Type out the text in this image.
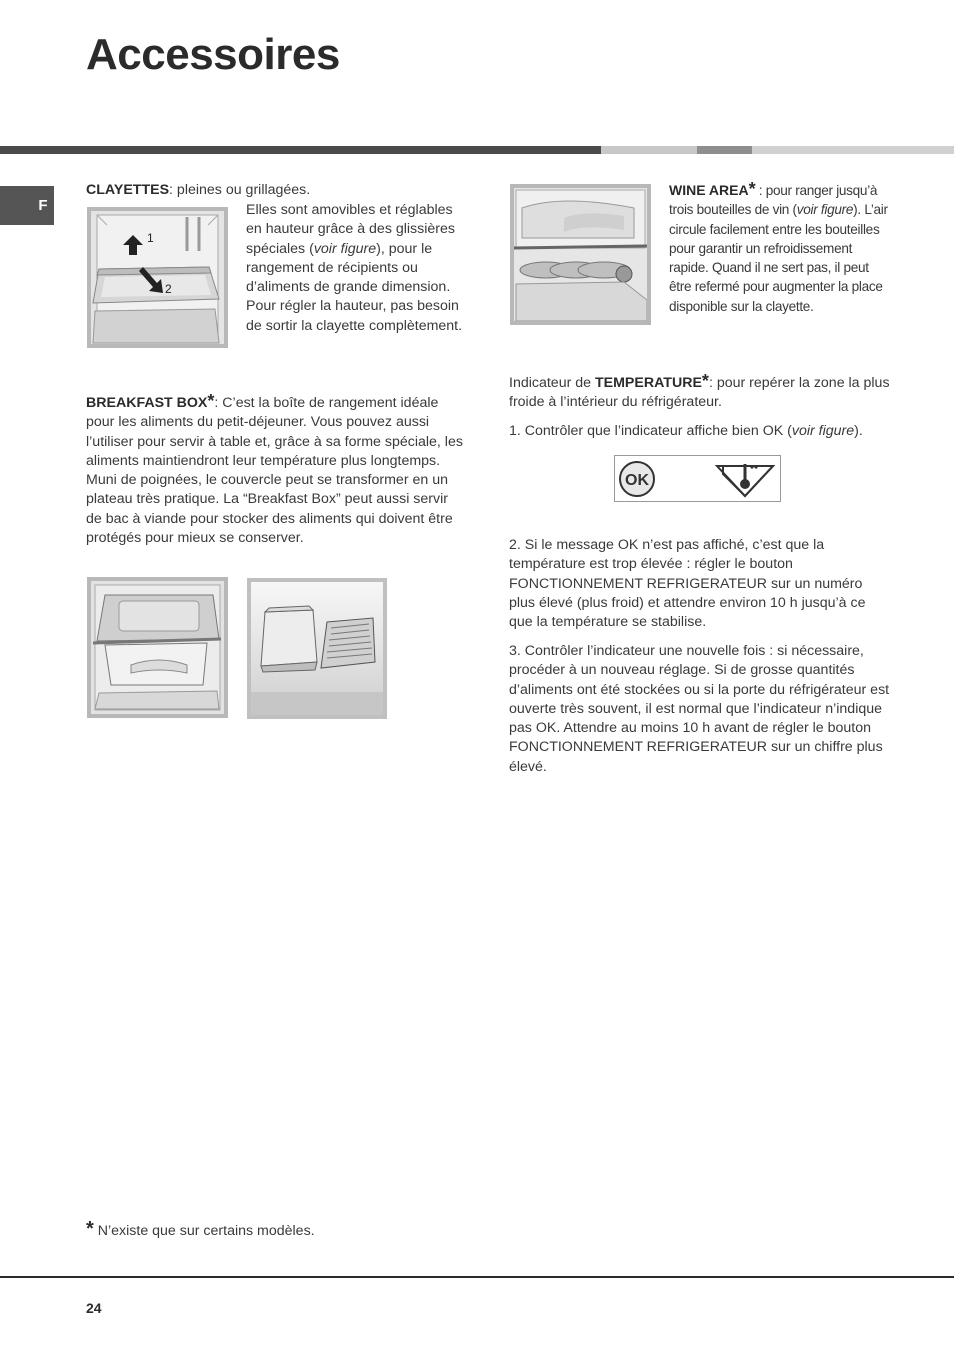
Accessoires
F

CLAYETTES: pleines ou grillagées.

1
2

Elles sont amovibles et réglables en hauteur grâce à des glissières spéciales (voir figure), pour le rangement de récipients ou d’aliments de grande dimension. Pour régler la hauteur, pas besoin de sortir la clayette complètement.

BREAKFAST BOX*: C’est la boîte de rangement idéale pour les aliments du petit-déjeuner. Vous pouvez aussi l’utiliser pour servir à table et, grâce à sa forme spéciale, les aliments maintiendront leur température plus longtemps. Muni de poignées, le couvercle peut se transformer en un plateau très pratique. La “Breakfast Box” peut aussi servir de bac à viande pour stocker des aliments qui doivent être protégés pour mieux se conserver.

WINE AREA* : pour ranger jusqu’à trois bouteilles de vin (voir figure). L’air circule facilement entre les bouteilles pour garantir un refroidissement rapide. Quand il ne sert pas, il peut être refermé pour augmenter la place disponible sur la clayette.

Indicateur de TEMPERATURE*: pour repérer la zone la plus froide à l’intérieur du réfrigérateur.

1. Contrôler que l’indicateur affiche bien OK (voir figure).

OK

2. Si le message OK n’est pas affiché, c’est que la température est trop élevée : régler le bouton FONCTIONNEMENT REFRIGERATEUR sur un numéro plus élevé (plus froid) et attendre environ 10 h jusqu’à ce que la température se stabilise.

3. Contrôler l’indicateur une nouvelle fois : si nécessaire, procéder à un nouveau réglage. Si de grosse quantités d’aliments ont été stockées ou si la porte du réfrigérateur est ouverte très souvent, il est normal que l’indicateur n’indique pas OK. Attendre au moins 10 h avant de régler le bouton FONCTIONNEMENT REFRIGERATEUR sur un chiffre plus élevé.

* N’existe que sur certains modèles.
24
